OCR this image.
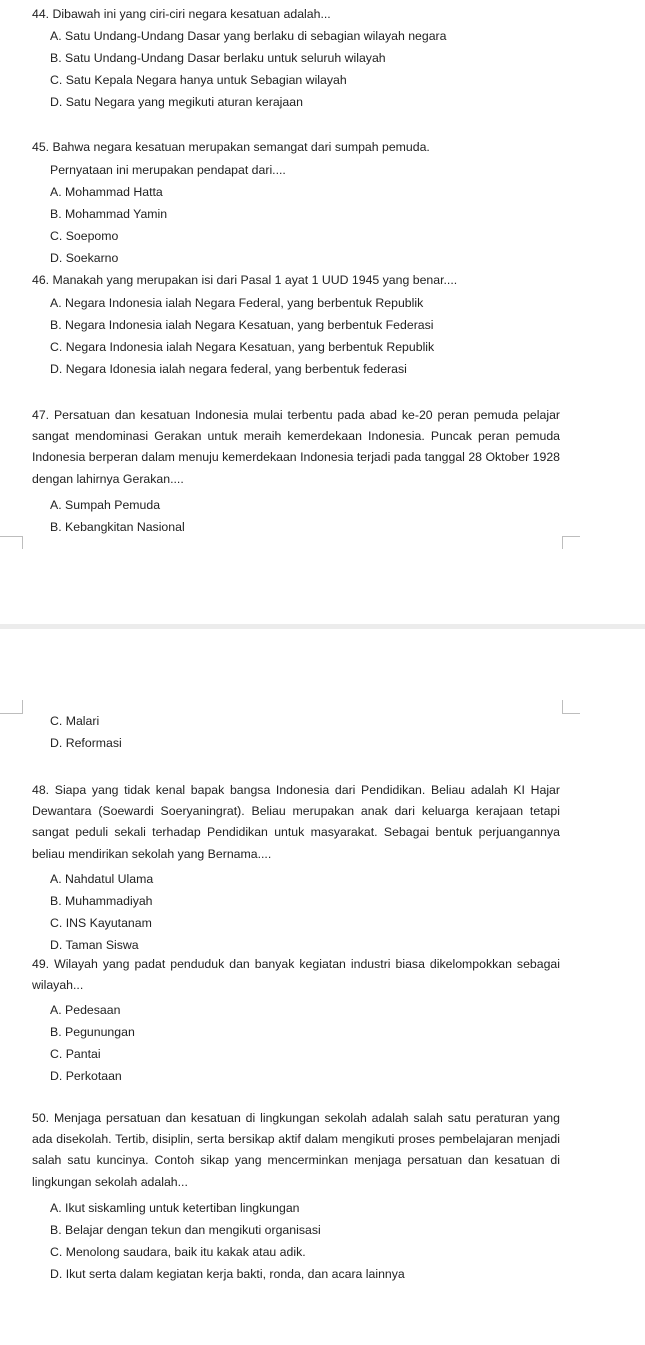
44. Dibawah ini yang ciri-ciri negara kesatuan adalah...
A. Satu Undang-Undang Dasar yang berlaku di sebagian wilayah negara
B. Satu Undang-Undang Dasar berlaku untuk seluruh wilayah
C. Satu Kepala Negara hanya untuk Sebagian wilayah
D. Satu Negara yang megikuti aturan kerajaan
45. Bahwa negara kesatuan merupakan semangat dari sumpah pemuda.
Pernyataan ini merupakan pendapat dari....
A. Mohammad Hatta
B. Mohammad Yamin
C. Soepomo
D. Soekarno
46. Manakah yang merupakan isi dari Pasal 1 ayat 1 UUD 1945 yang benar....
A. Negara Indonesia ialah Negara Federal, yang berbentuk Republik
B. Negara Indonesia ialah Negara Kesatuan, yang berbentuk Federasi
C. Negara Indonesia ialah Negara Kesatuan, yang berbentuk Republik
D. Negara Idonesia ialah negara federal, yang berbentuk federasi
47. Persatuan dan kesatuan Indonesia mulai terbentu pada abad ke-20 peran pemuda pelajar sangat mendominasi Gerakan untuk meraih kemerdekaan Indonesia. Puncak peran pemuda Indonesia berperan dalam menuju kemerdekaan Indonesia terjadi pada tanggal 28 Oktober 1928 dengan lahirnya Gerakan....
A. Sumpah Pemuda
B. Kebangkitan Nasional
C. Malari
D. Reformasi
48. Siapa yang tidak kenal bapak bangsa Indonesia dari Pendidikan. Beliau adalah KI Hajar Dewantara (Soewardi Soeryaningrat). Beliau merupakan anak dari keluarga kerajaan tetapi sangat peduli sekali terhadap Pendidikan untuk masyarakat. Sebagai bentuk perjuangannya beliau mendirikan sekolah yang Bernama....
A. Nahdatul Ulama
B. Muhammadiyah
C. INS Kayutanam
D. Taman Siswa
49. Wilayah yang padat penduduk dan banyak kegiatan industri biasa dikelompokkan sebagai wilayah...
A. Pedesaan
B. Pegunungan
C. Pantai
D. Perkotaan
50. Menjaga persatuan dan kesatuan di lingkungan sekolah adalah salah satu peraturan yang ada disekolah. Tertib, disiplin, serta bersikap aktif dalam mengikuti proses pembelajaran menjadi salah satu kuncinya. Contoh sikap yang mencerminkan menjaga persatuan dan kesatuan di lingkungan sekolah adalah...
A. Ikut siskamling untuk ketertiban lingkungan
B. Belajar dengan tekun dan mengikuti organisasi
C. Menolong saudara, baik itu kakak atau adik.
D. Ikut serta dalam kegiatan kerja bakti, ronda, dan acara lainnya
